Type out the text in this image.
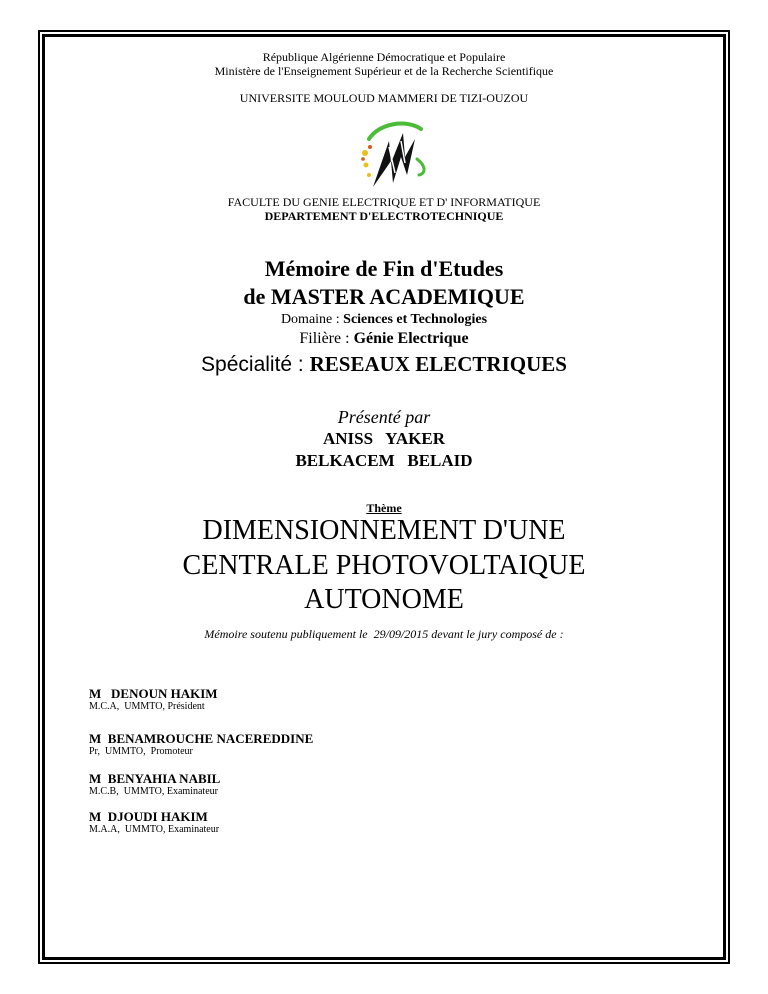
République Algérienne Démocratique et Populaire
Ministère de l'Enseignement Supérieur et de la Recherche Scientifique
UNIVERSITE MOULOUD MAMMERI DE TIZI-OUZOU
FACULTE DU GENIE ELECTRIQUE ET D' INFORMATIQUE
DEPARTEMENT D'ELECTROTECHNIQUE
Mémoire de Fin d'Etudes
de MASTER ACADEMIQUE
Domaine : Sciences et Technologies
Filière : Génie Electrique
Spécialité : RESEAUX ELECTRIQUES
Présenté par
ANISS   YAKER
BELKACEM   BELAID
Thème
DIMENSIONNEMENT D'UNE
CENTRALE PHOTOVOLTAIQUE
AUTONOME
Mémoire soutenu publiquement le  29/09/2015 devant le jury composé de :
M   DENOUN HAKIM
M.C.A,  UMMTO, Président
M  BENAMROUCHE NACEREDDINE
Pr,  UMMTO,  Promoteur
M  BENYAHIA NABIL
M.C.B,  UMMTO, Examinateur
M  DJOUDI HAKIM
M.A.A,  UMMTO, Examinateur
